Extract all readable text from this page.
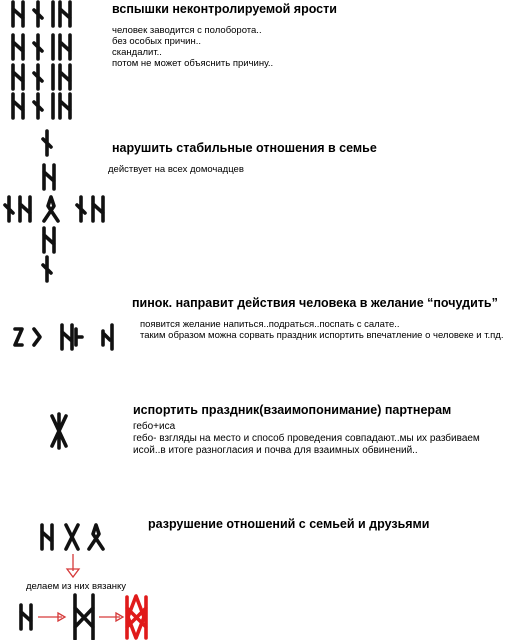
вспышки неконтролируемой ярости
человек заводится с полоборота..
без особых причин..
скандалит..
потом не может объяснить причину..
нарушить стабильные отношения в семье
действует на всех домочадцев
пинок. направит действия человека в желание “почудить”
появится желание напиться..подраться..поспать с салате..
таким образом можна сорвать праздник испортить впечатление о человеке и т.пд.
испортить праздник(взаимопонимание) партнерам
гебо+иса
гебо- взгляды на место и способ проведения совпадают..мы их разбиваем
исой..в итоге разногласия и почва для взаимных обвинений..
разрушение отношений с семьей и друзьями
делаем из них вязанку
